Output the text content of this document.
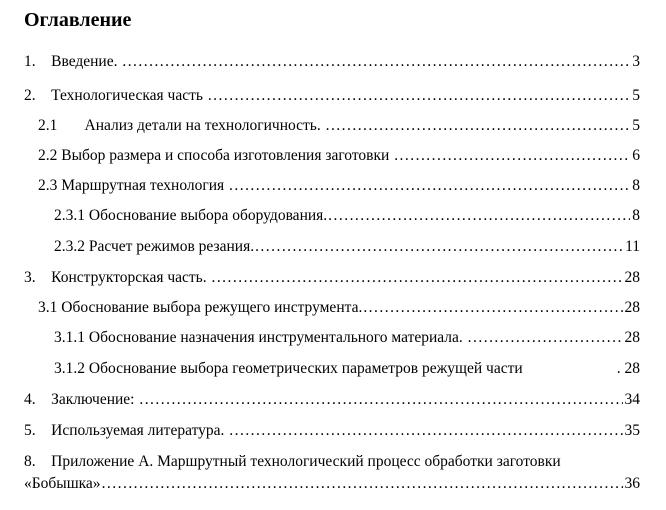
Оглавление
1.    Введение. . . .	3
2.    Технологическая часть . . .	5
2.1       Анализ детали на технологичность. . . .	5
2.2 Выбор размера и способа изготовления заготовки . . .	6
2.3 Маршрутная технология . . .	8
2.3.1 Обоснование выбора оборудования. . . .	8
2.3.2 Расчет режимов резания. . . .	11
3.    Конструкторская часть. . . .	28
3.1 Обоснование выбора режущего инструмента. . . .	28
3.1.1 Обоснование назначения инструментального материала. . . .	28
3.1.2 Обоснование выбора геометрических параметров режущей части	. 28
4.    Заключение: . . .	34
5.    Используемая литература. . . .	35
8.    Приложение А. Маршрутный технологический процесс обработки заготовки
«Бобышка» . . .	36
